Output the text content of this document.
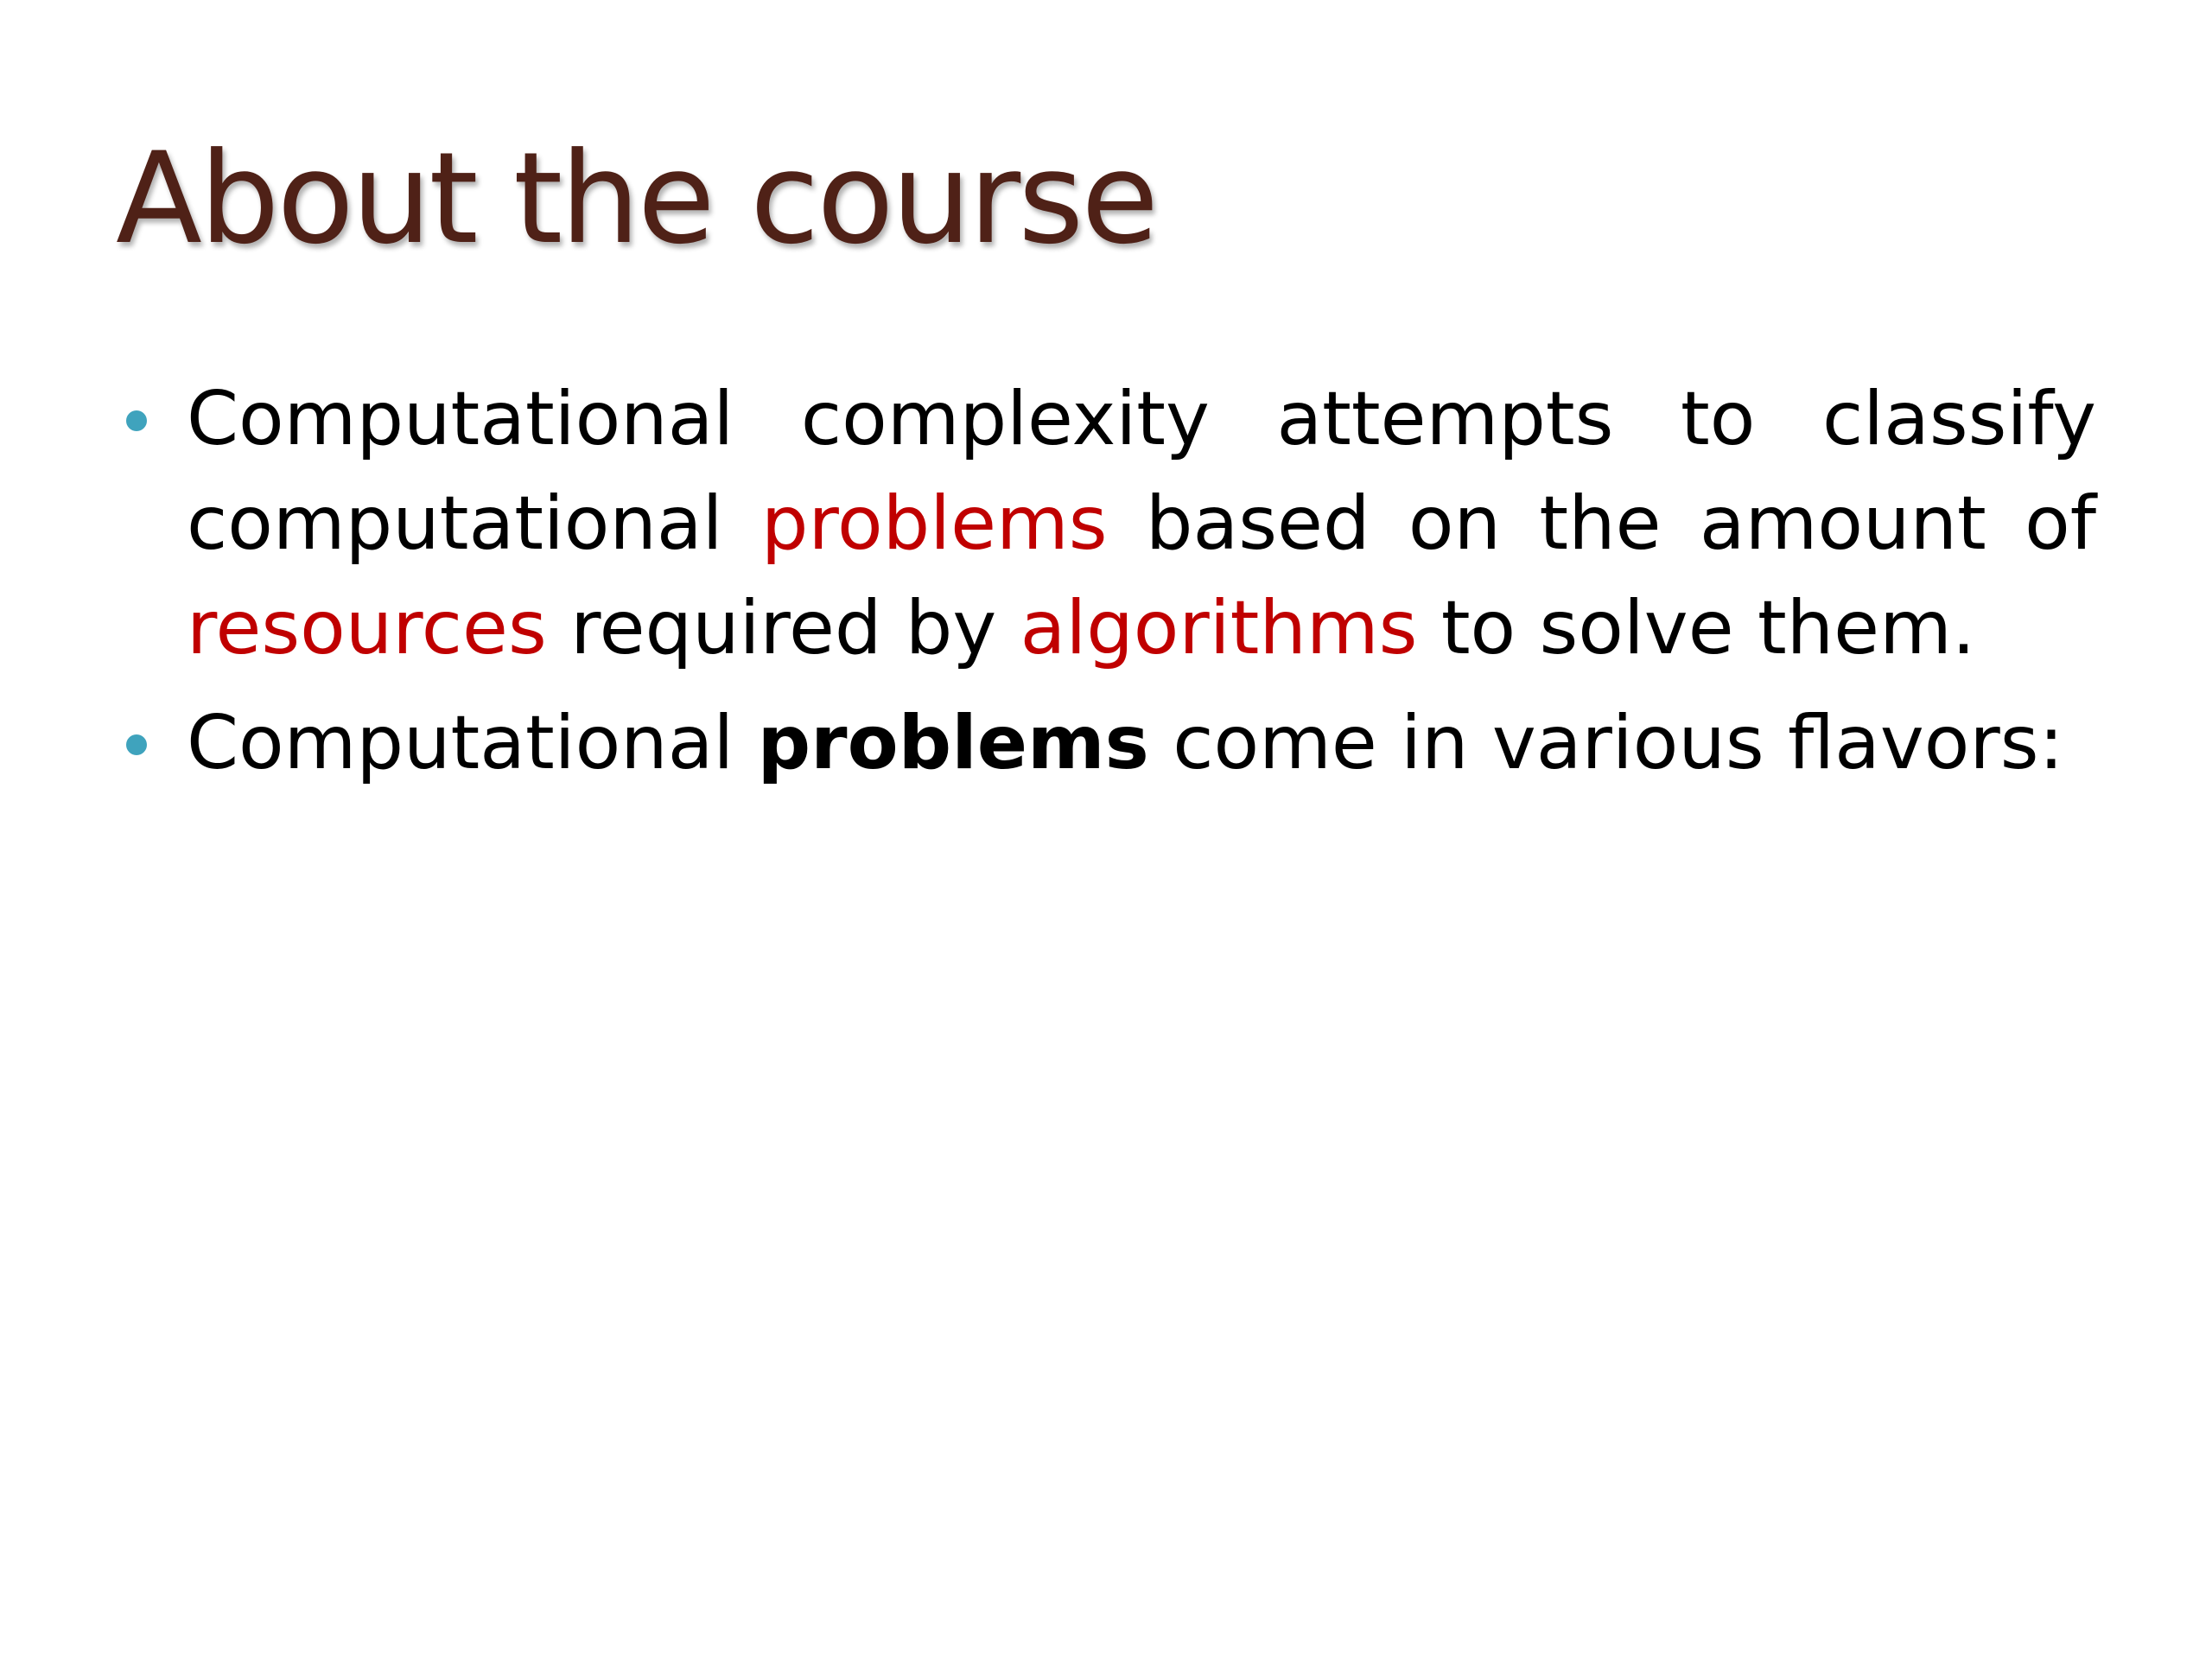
About the course
Computational complexity attempts to classify computational problems based on the amount of resources required by algorithms to solve them.
Computational problems come in various flavors:
